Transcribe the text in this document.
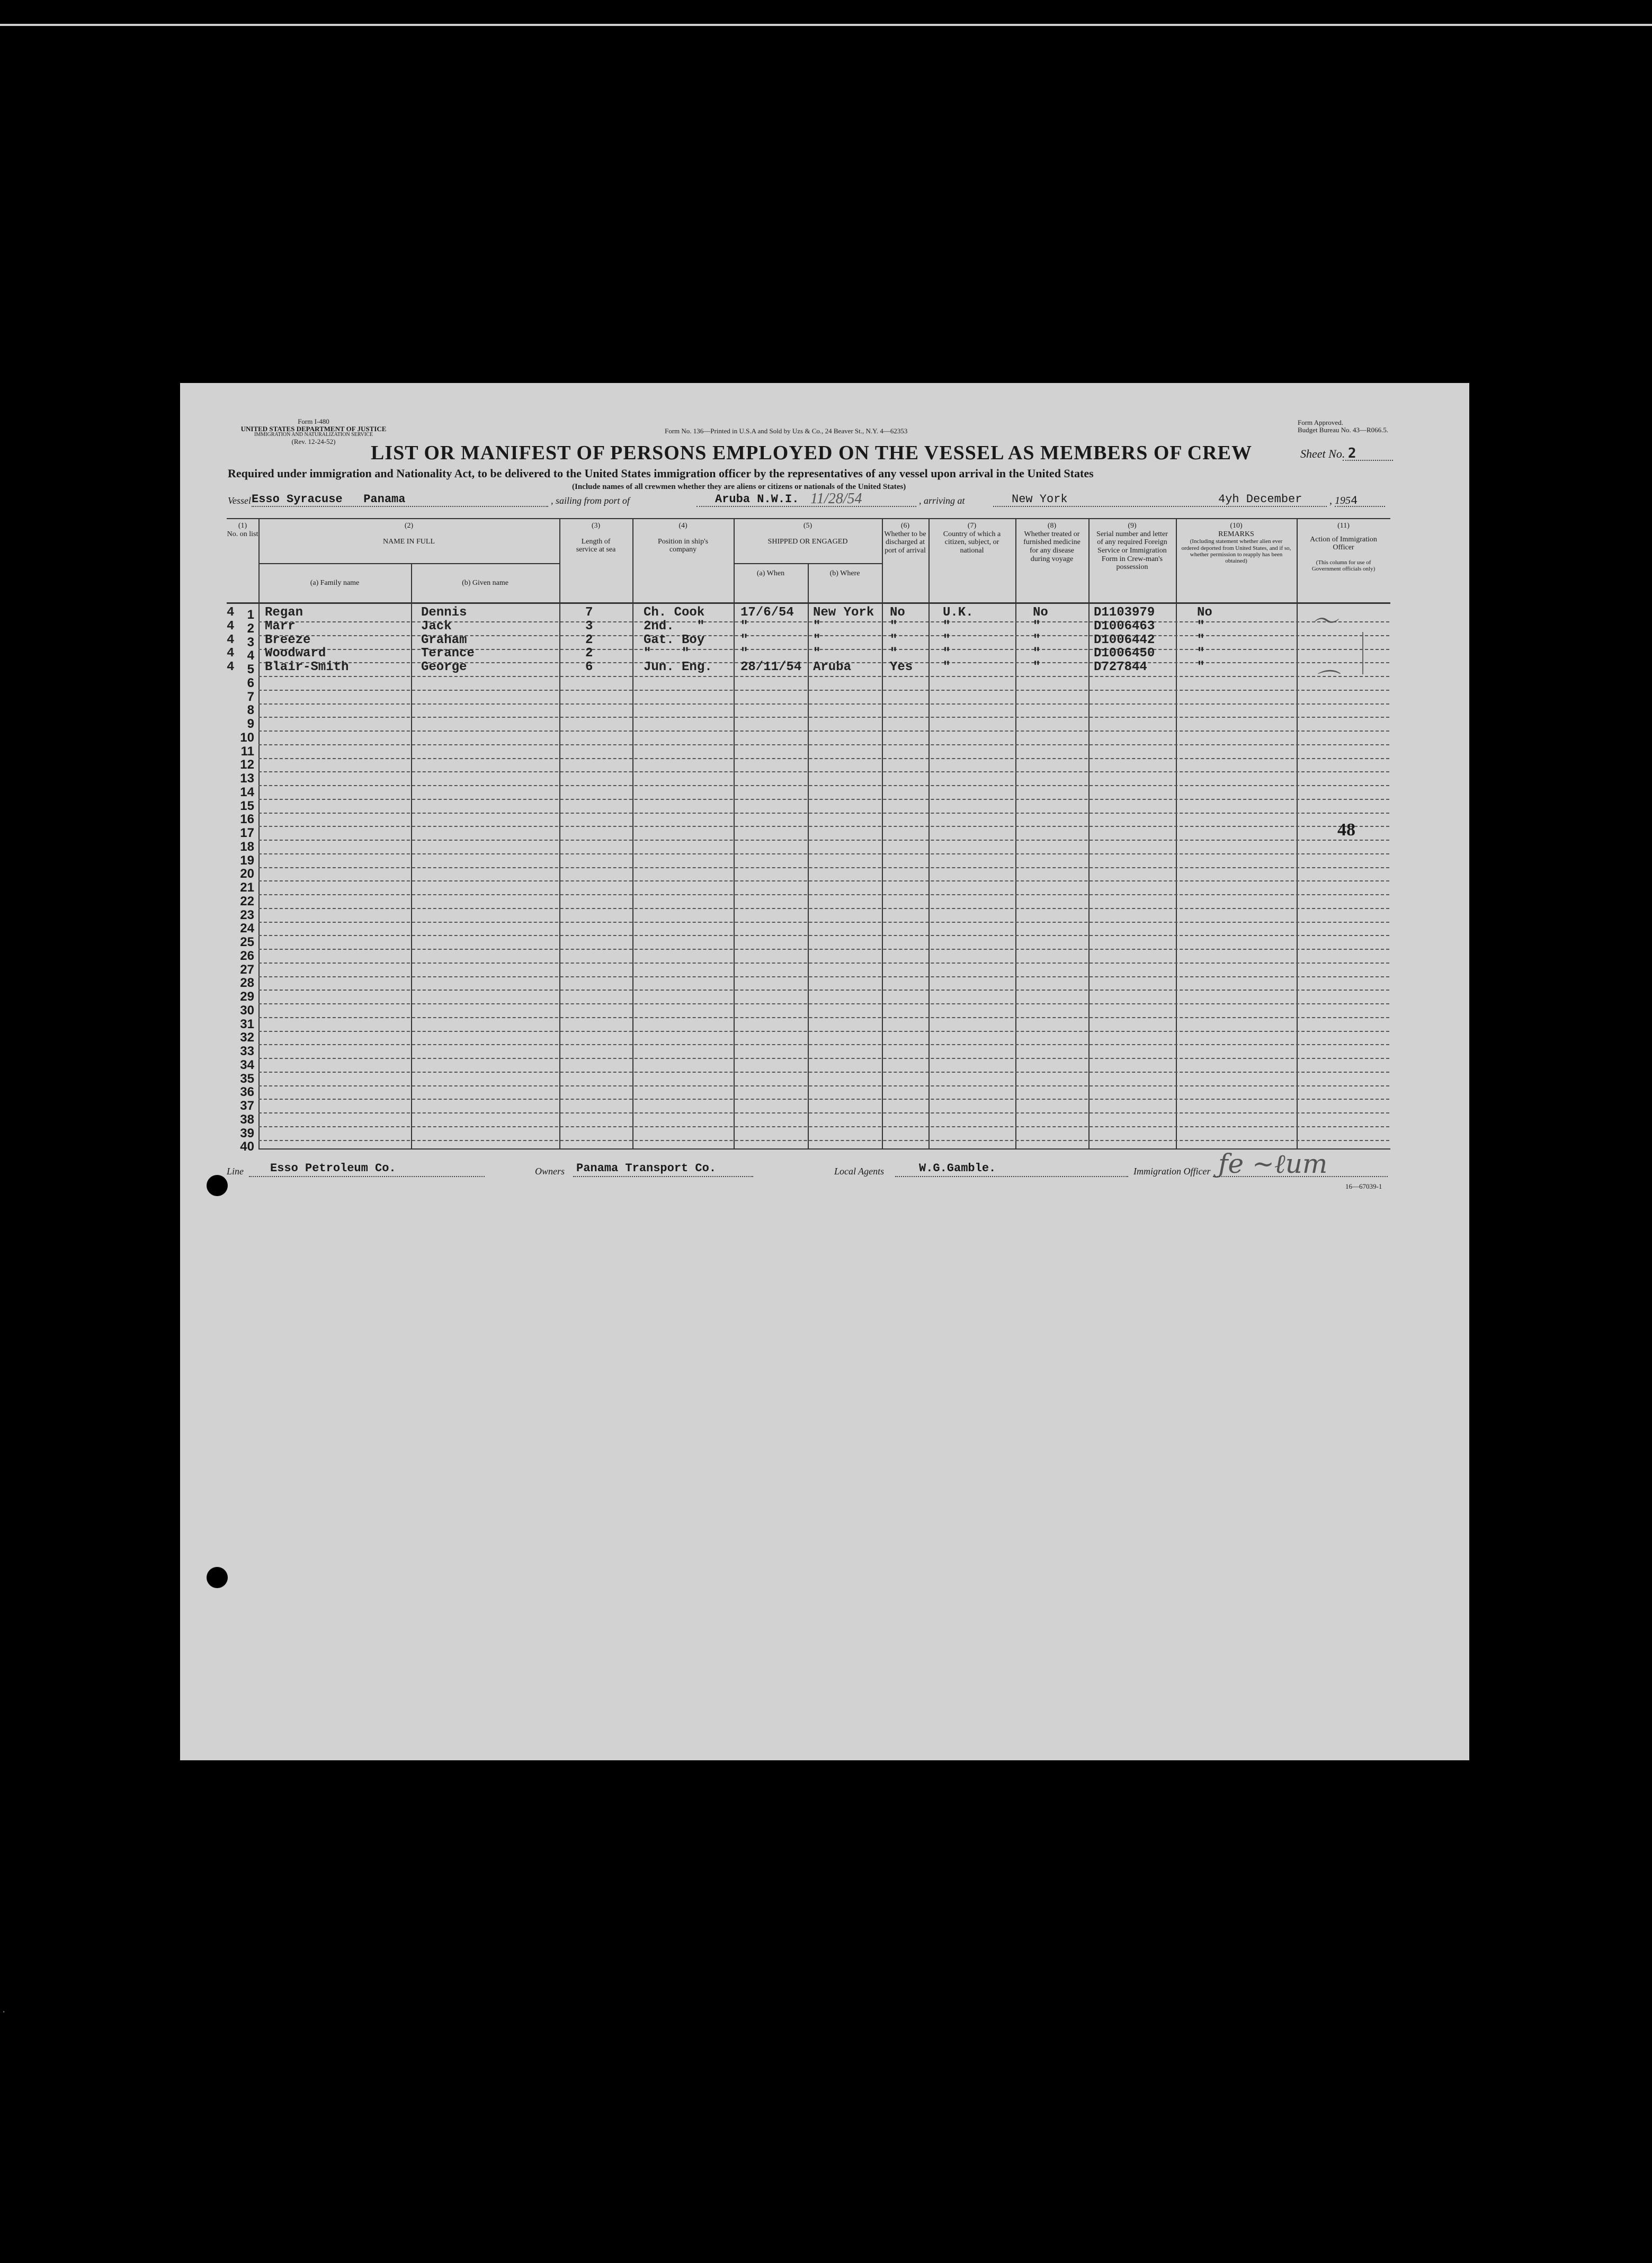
·
Form I-480
UNITED STATES DEPARTMENT OF JUSTICE
IMMIGRATION AND NATURALIZATION SERVICE
(Rev. 12-24-52)
Form No. 136—Printed in U.S.A and Sold by Uzs & Co., 24 Beaver St., N.Y. 4—62353
Form Approved.
Budget Bureau No. 43—R066.5.
LIST OR MANIFEST OF PERSONS EMPLOYED ON THE VESSEL AS MEMBERS OF CREW	Sheet No. 2
Required under immigration and Nationality Act, to be delivered to the United States immigration officer by the representatives of any vessel upon arrival in the United States
(Include names of all crewmen whether they are aliens or citizens or nationals of the United States)
Vessel Esso Syracuse   Panama	, sailing from port of	Aruba N.W.I. 11/28/54	, arriving at	New York	4yh December	, 1954
(1)
No. on list
(2)
NAME IN FULL
(a) Family name	(b) Given name
(3)
Length of service at sea
(4)
Position in ship's company
(5)
SHIPPED OR ENGAGED
(a) When	(b) Where
(6)
Whether to be discharged at port of arrival
(7)
Country of which a citizen, subject, or national
(8)
Whether treated or furnished medicine for any disease during voyage
(9)
Serial number and letter of any required Foreign Service or Immigration Form in Crew-man's possession
(10)
REMARKS
(Including statement whether alien ever ordered deported from United States, and if so, whether permission to reapply has been obtained)
(11)
Action of Immigration Officer
(This column for use of Government officials only)
1
2
3
4
5
6
7
8
9
10
11
12
13
14
15
16
17
18
19
20
21
22
23
24
25
26
27
28
29
30
31
32
33
34
35
36
37
38
39
40
4 Regan	Dennis	7	Ch. Cook	17/6/54 New York No	U.K.	No	D1103979	No
4 Marr	Jack	3	2nd.   "	"	"	"	"	"	D1006463	"
4 Breeze	Graham	2	Gat. Boy	"	"	"	"	"	D1006442	"
4 Woodward	Terance	2	"    "	"	"	"	"	"	D1006450	"
4 Blair-Smith	George	6	Jun. Eng. 28/11/54 Aruba	Yes "	"	D727844	"
〜
⌒
48
Line Esso Petroleum Co.	Owners Panama Transport Co.	Local Agents	W.G.Gamble.	Immigration Officer ƒe ~ℓum
16—67039-1
